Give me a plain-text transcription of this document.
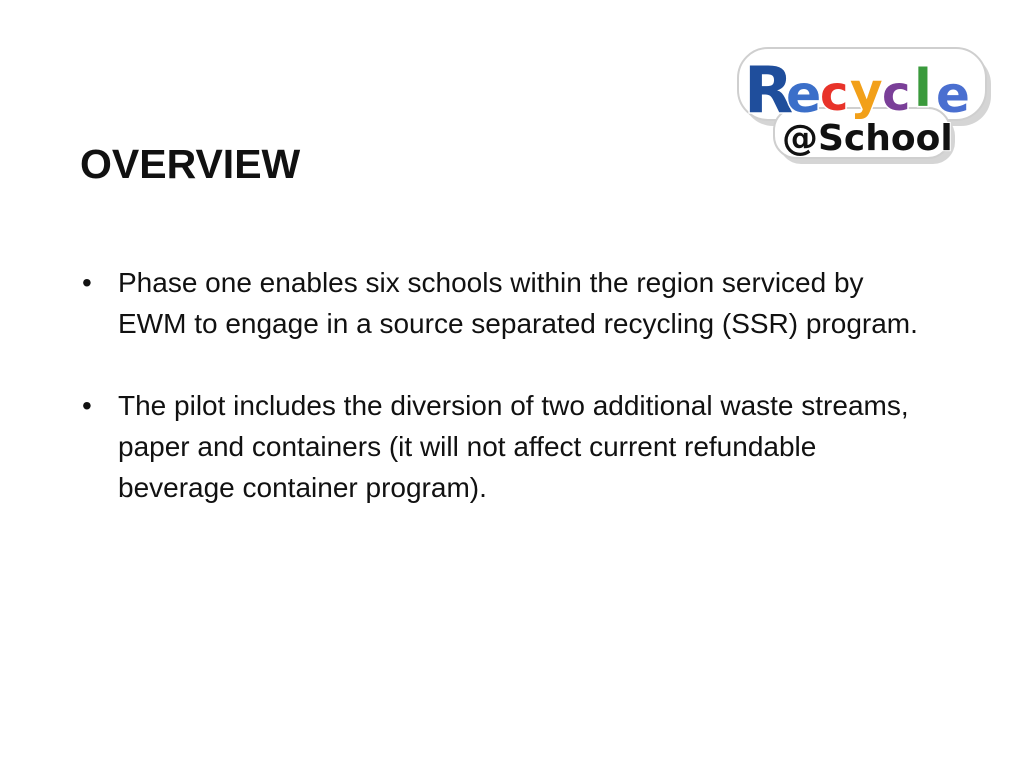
OVERVIEW
• Phase one enables six schools within the region serviced by EWM to engage in a source separated recycling (SSR) program.
• The pilot includes the diversion of two additional waste streams, paper and containers (it will not affect current refundable beverage container program).
R
e
c y c l e
@School
